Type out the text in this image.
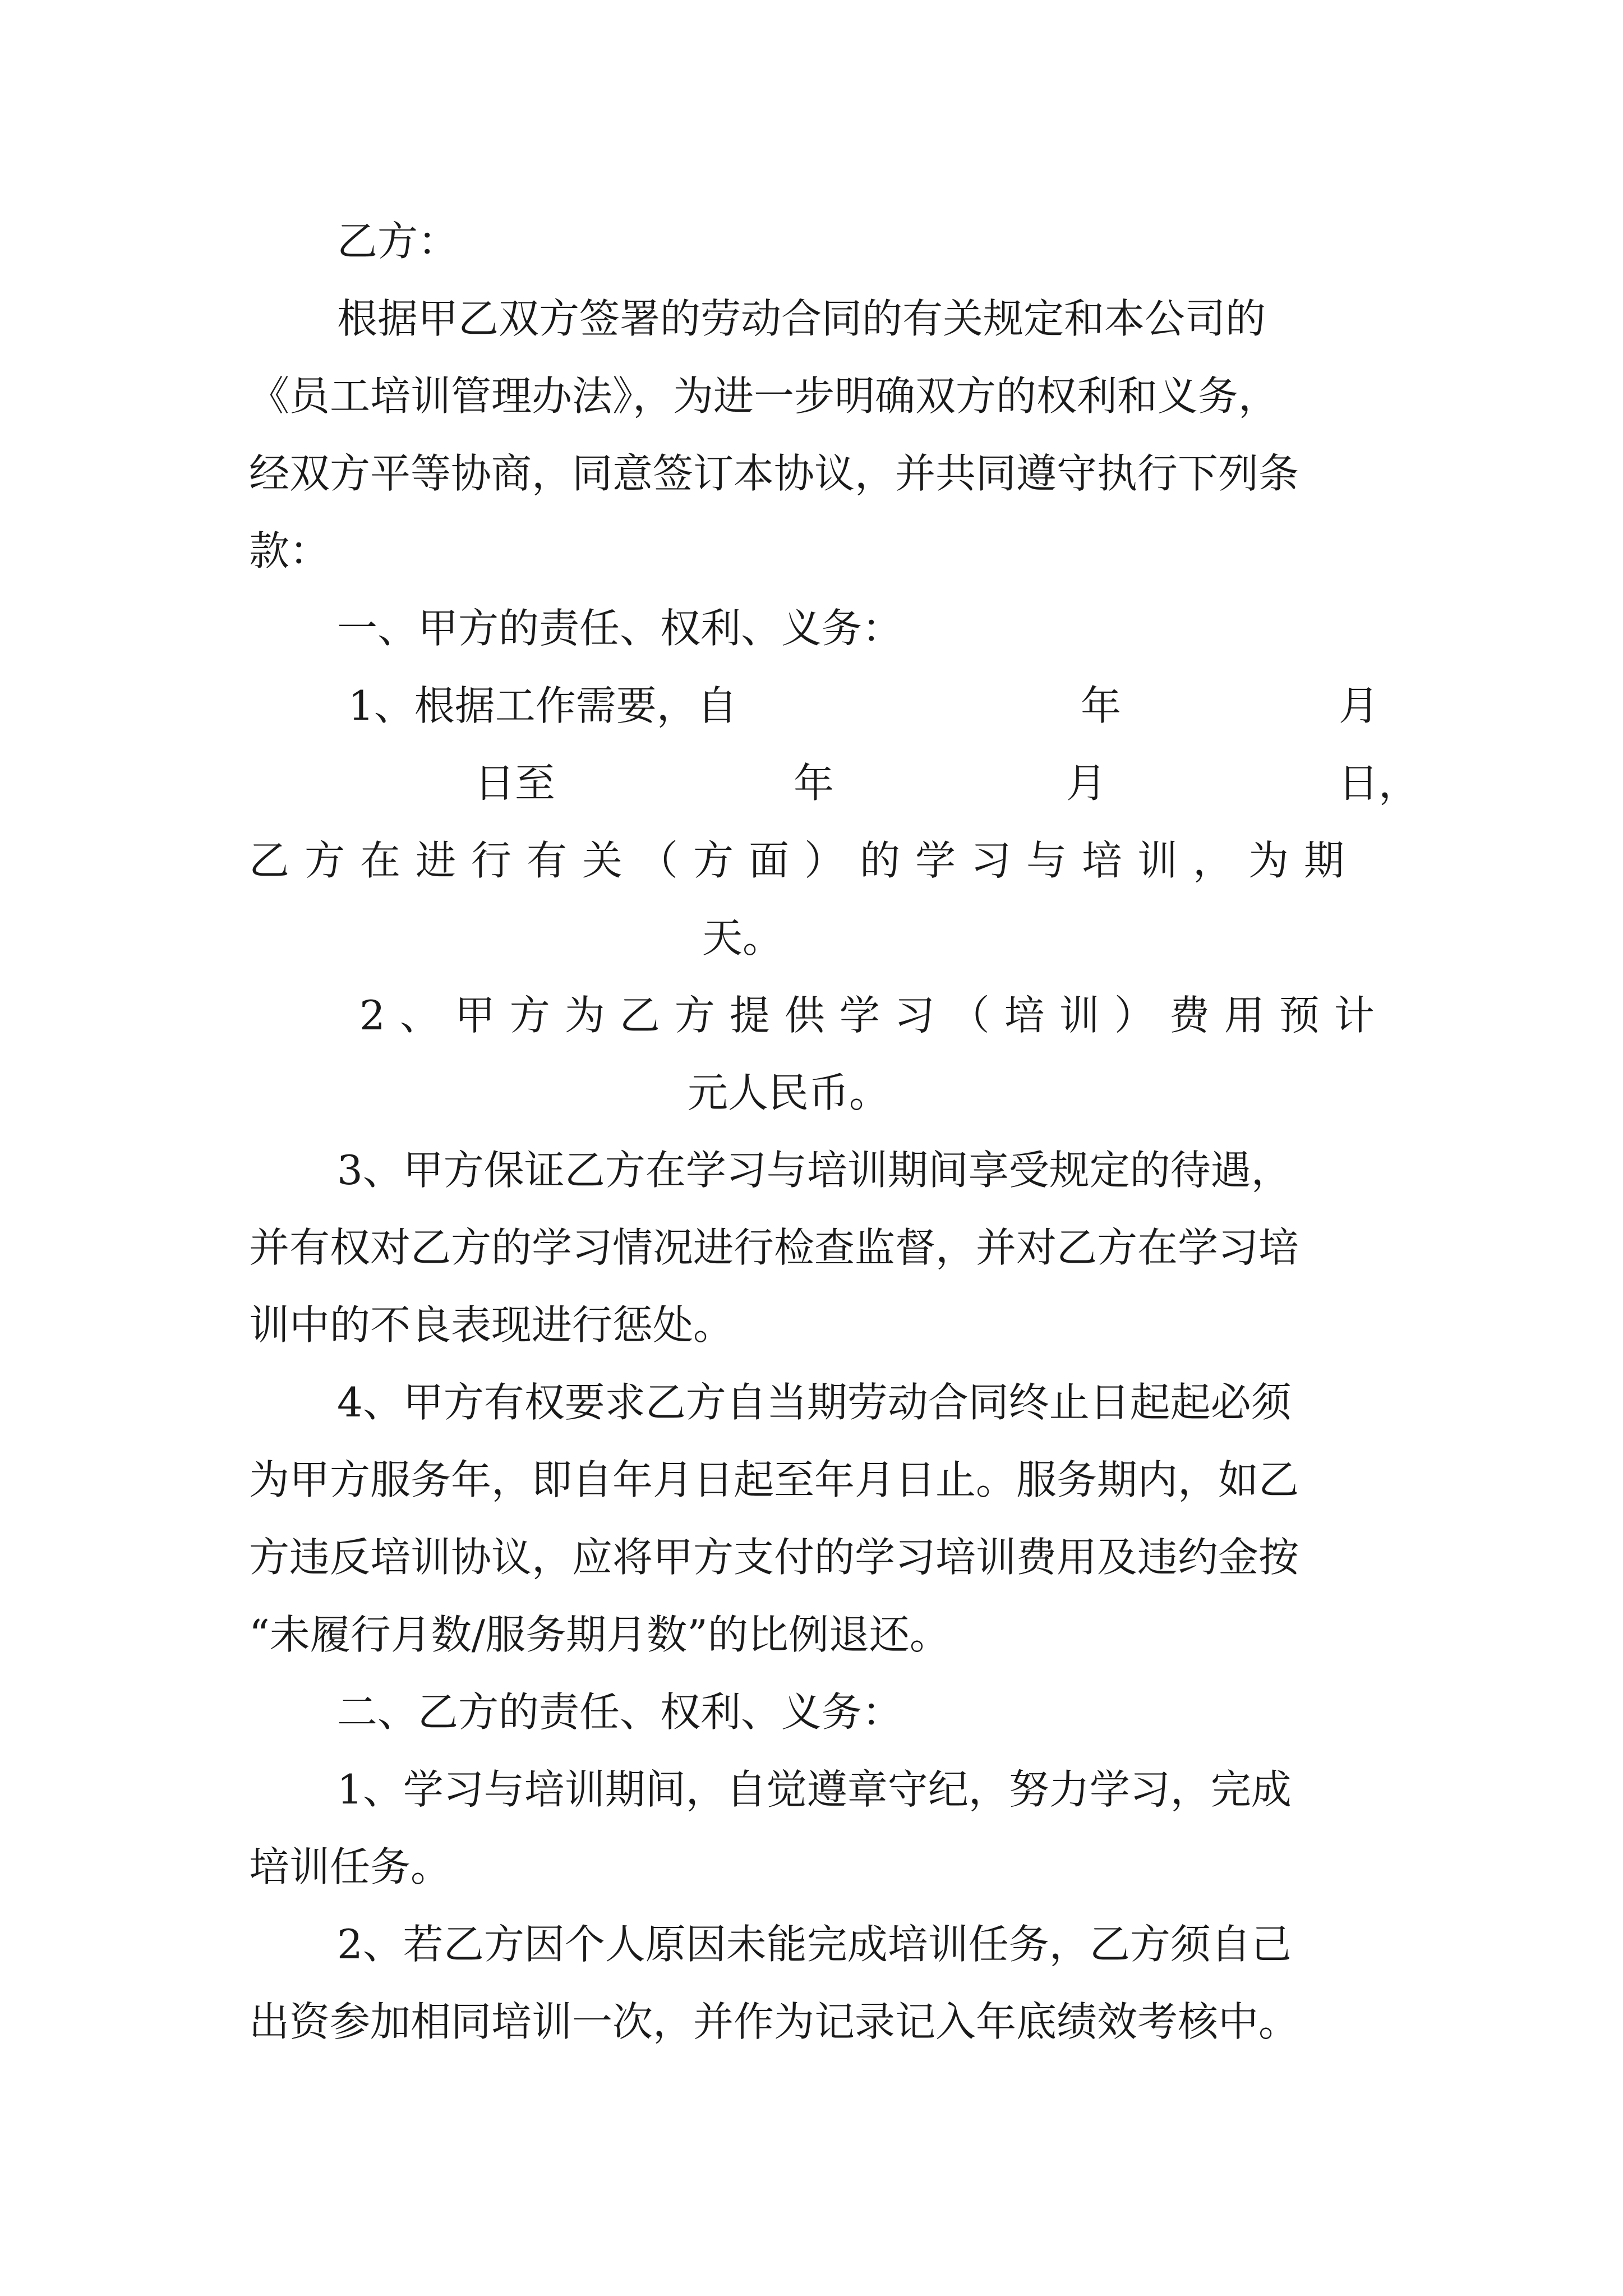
乙方：
根据甲乙双方签署的劳动合同的有关规定和本公司的
《员工培训管理办法》，为进一步明确双方的权利和义务，
经双方平等协商，同意签订本协议，并共同遵守执行下列条
款：
一、甲方的责任、权利、义务：
1、根据工作需要，自	年	月
日至	年	月	日，
乙方在进行有关（方面）的学习与培训，为期
天。
2、甲方为乙方提供学习（培训）费用预计
元人民币。
3、甲方保证乙方在学习与培训期间享受规定的待遇，
并有权对乙方的学习情况进行检查监督，并对乙方在学习培
训中的不良表现进行惩处。
4、甲方有权要求乙方自当期劳动合同终止日起起必须
为甲方服务年，即自年月日起至年月日止。服务期内，如乙
方违反培训协议，应将甲方支付的学习培训费用及违约金按
“未履行月数/服务期月数”的比例退还。
二、乙方的责任、权利、义务：
1、学习与培训期间，自觉遵章守纪，努力学习，完成
培训任务。
2、若乙方因个人原因未能完成培训任务，乙方须自己
出资参加相同培训一次，并作为记录记入年底绩效考核中。
